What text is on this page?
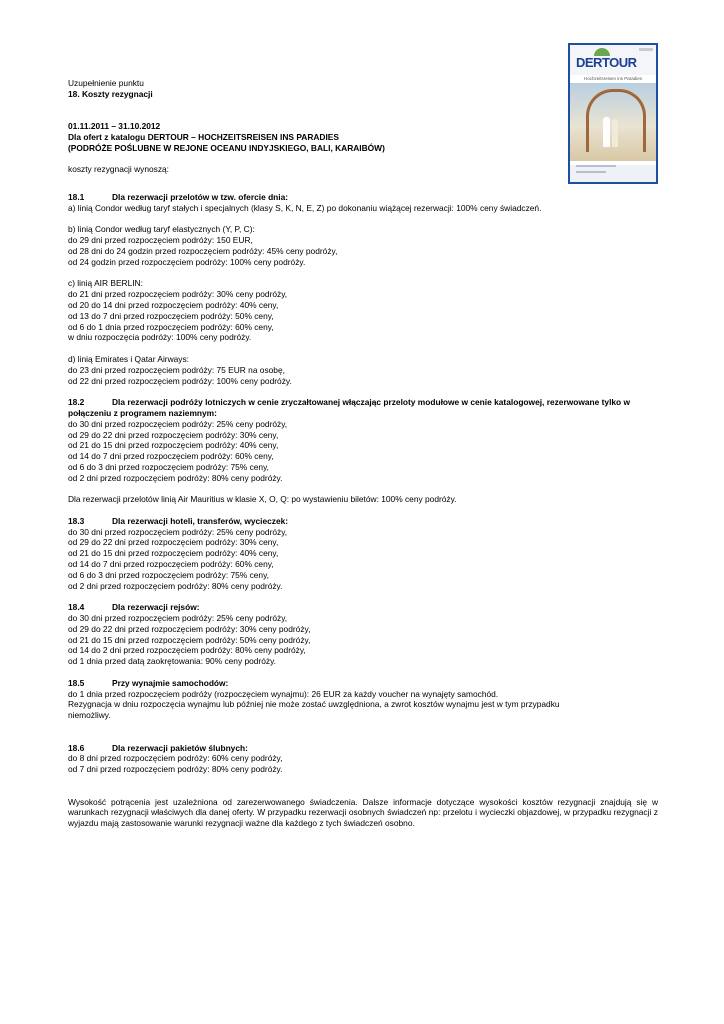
DERTOUR
Hochzeitsreisen ins Paradies
Uzupełnienie punktu
18. Koszty rezygnacji
01.11.2011 – 31.10.2012
Dla ofert z katalogu DERTOUR – HOCHZEITSREISEN INS PARADIES
(PODRÓŻE POŚLUBNE W REJONE OCEANU INDYJSKIEGO, BALI, KARAIBÓW)
koszty rezygnacji wynoszą:
18.1	Dla rezerwacji przelotów w tzw. ofercie dnia:
a) linią Condor według taryf stałych i specjalnych (klasy S, K, N, E, Z) po dokonaniu wiążącej rezerwacji: 100% ceny świadczeń.
b) linią Condor według taryf elastycznych (Y, P, C):
do 29 dni przed rozpoczęciem podróży: 150 EUR,
od 28 dni do 24 godzin przed rozpoczęciem podróży: 45% ceny podróży,
od 24 godzin przed rozpoczęciem podróży: 100% ceny podróży.
c) linią AIR BERLIN:
do 21 dni przed rozpoczęciem podróży: 30% ceny podróży,
od 20 do 14 dni przed rozpoczęciem podróży: 40% ceny,
od 13 do 7 dni przed rozpoczęciem podróży: 50% ceny,
od 6 do 1 dnia przed rozpoczęciem podróży: 60% ceny,
w dniu rozpoczęcia podróży: 100% ceny podróży.
d) linią Emirates i Qatar Airways:
do 23 dni przed rozpoczęciem podróży: 75 EUR na osobę,
od 22 dni przed rozpoczęciem podróży: 100% ceny podróży.
18.2	Dla rezerwacji podróży lotniczych w cenie zryczałtowanej włączając przeloty modułowe w cenie katalogowej, rezerwowane tylko w
połączeniu z programem naziemnym:
do 30 dni przed rozpoczęciem podróży: 25% ceny podróży,
od 29 do 22 dni przed rozpoczęciem podróży: 30% ceny,
od 21 do 15 dni przed rozpoczęciem podróży: 40% ceny,
od 14 do 7 dni przed rozpoczęciem podróży: 60% ceny,
od 6 do 3 dni przed rozpoczęciem podróży: 75% ceny,
od 2 dni przed rozpoczęciem podróży: 80% ceny podróży.
Dla rezerwacji przelotów linią Air Mauritius w klasie X, O, Q: po wystawieniu biletów: 100% ceny podróży.
18.3	Dla rezerwacji hoteli, transferów, wycieczek:
do 30 dni przed rozpoczęciem podróży: 25% ceny podróży,
od 29 do 22 dni przed rozpoczęciem podróży: 30% ceny,
od 21 do 15 dni przed rozpoczęciem podróży: 40% ceny,
od 14 do 7 dni przed rozpoczęciem podróży: 60% ceny,
od 6 do 3 dni przed rozpoczęciem podróży: 75% ceny,
od 2 dni przed rozpoczęciem podróży: 80% ceny podróży.
18.4	Dla rezerwacji rejsów:
do 30 dni przed rozpoczęciem podróży: 25% ceny podróży,
od 29 do 22 dni przed rozpoczęciem podróży: 30% ceny podróży,
od 21 do 15 dni przed rozpoczęciem podróży: 50% ceny podróży,
od 14 do 2 dni przed rozpoczęciem podróży: 80% ceny podróży,
od 1 dnia przed datą zaokrętowania: 90% ceny podróży.
18.5	Przy wynajmie samochodów:
do 1 dnia przed rozpoczęciem podróży (rozpoczęciem wynajmu): 26 EUR za każdy voucher na wynajęty samochód.
Rezygnacja w dniu rozpoczęcia wynajmu lub później nie może zostać uwzględniona, a zwrot kosztów wynajmu jest w tym przypadku
niemożliwy.
18.6	Dla rezerwacji pakietów ślubnych:
do 8 dni przed rozpoczęciem podróży: 60% ceny podróży,
od 7 dni przed rozpoczęciem podróży: 80% ceny podróży.
Wysokość potrącenia jest uzależniona od zarezerwowanego świadczenia. Dalsze informacje dotyczące wysokości kosztów rezygnacji znajdują się w warunkach rezygnacji właściwych dla danej oferty. W przypadku rezerwacji osobnych świadczeń np: przelotu i wycieczki objazdowej, w przypadku rezygnacji z wyjazdu mają zastosowanie warunki rezygnacji ważne dla każdego z tych świadczeń osobno.
